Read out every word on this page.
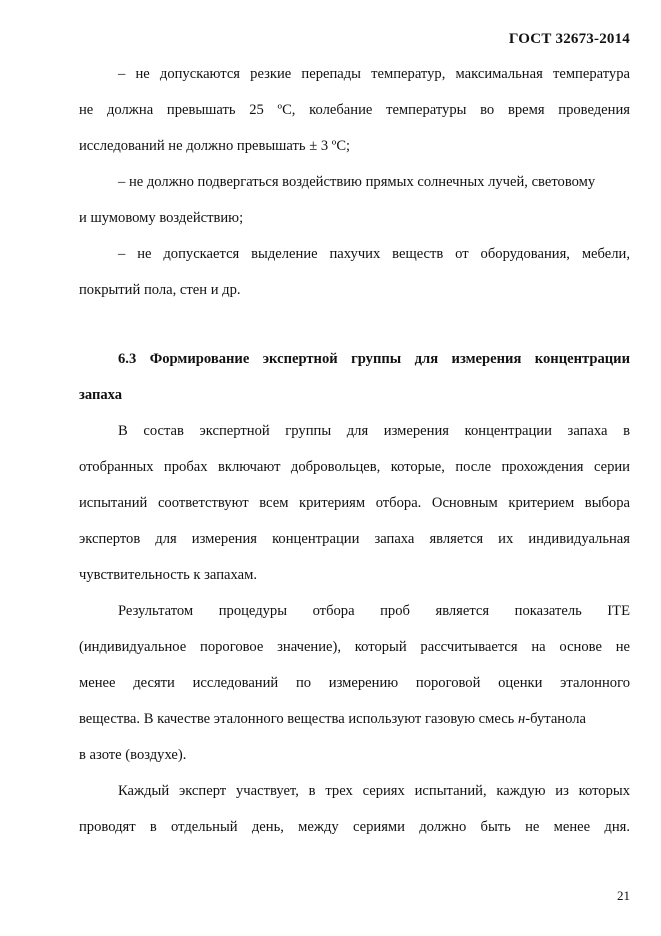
ГОСТ 32673-2014
– не допускаются резкие перепады температур, максимальная температура
не должна превышать 25 ºС, колебание температуры во время проведения
исследований не должно превышать ± 3 ºС;
– не должно подвергаться воздействию прямых солнечных лучей, световому
и шумовому воздействию;
– не допускается выделение пахучих веществ от оборудования, мебели,
покрытий пола, стен и др.
6.3 Формирование экспертной группы для измерения концентрации
запаха
В состав экспертной группы для измерения концентрации запаха в
отобранных пробах включают добровольцев, которые, после прохождения серии
испытаний соответствуют всем критериям отбора. Основным критерием выбора
экспертов для измерения концентрации запаха является их индивидуальная
чувствительность к запахам.
Результатом процедуры отбора проб является показатель ITE
(индивидуальное пороговое значение), который рассчитывается на основе не
менее десяти исследований по измерению пороговой оценки эталонного
вещества. В качестве эталонного вещества используют газовую смесь н-бутанола
в азоте (воздухе).
Каждый эксперт участвует, в трех сериях испытаний, каждую из которых
проводят в отдельный день, между сериями должно быть не менее дня.
21
